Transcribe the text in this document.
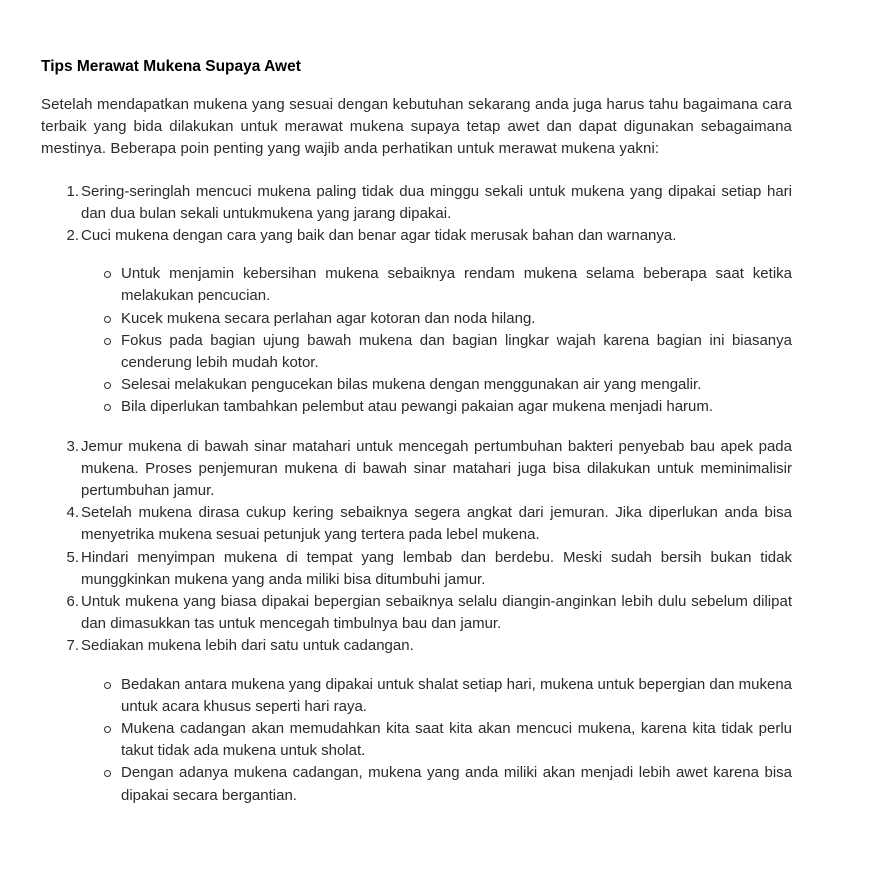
Tips Merawat Mukena Supaya Awet

Setelah mendapatkan mukena yang sesuai dengan kebutuhan sekarang anda juga harus tahu bagaimana cara terbaik yang bida dilakukan untuk merawat mukena supaya tetap awet dan dapat digunakan sebagaimana mestinya. Beberapa poin penting yang wajib anda perhatikan untuk merawat mukena yakni:

1. Sering-seringlah mencuci mukena paling tidak dua minggu sekali untuk mukena yang dipakai setiap hari dan dua bulan sekali untukmukena yang jarang dipakai.
2. Cuci mukena dengan cara yang baik dan benar agar tidak merusak bahan dan warnanya.
Untuk menjamin kebersihan mukena sebaiknya rendam mukena selama beberapa saat ketika melakukan pencucian.
Kucek mukena secara perlahan agar kotoran dan noda hilang.
Fokus pada bagian ujung bawah mukena dan bagian lingkar wajah karena bagian ini biasanya cenderung lebih mudah kotor.
Selesai melakukan pengucekan bilas mukena dengan menggunakan air yang mengalir.
Bila diperlukan tambahkan pelembut atau pewangi pakaian agar mukena menjadi harum.
3. Jemur mukena di bawah sinar matahari untuk mencegah pertumbuhan bakteri penyebab bau apek pada mukena. Proses penjemuran mukena di bawah sinar matahari juga bisa dilakukan untuk meminimalisir pertumbuhan jamur.
4. Setelah mukena dirasa cukup kering sebaiknya segera angkat dari jemuran. Jika diperlukan anda bisa menyetrika mukena sesuai petunjuk yang tertera pada lebel mukena.
5. Hindari menyimpan mukena di tempat yang lembab dan berdebu. Meski sudah bersih bukan tidak munggkinkan mukena yang anda miliki bisa ditumbuhi jamur.
6. Untuk mukena yang biasa dipakai bepergian sebaiknya selalu diangin-anginkan lebih dulu sebelum dilipat dan dimasukkan tas untuk mencegah timbulnya bau dan jamur.
7. Sediakan mukena lebih dari satu untuk cadangan.
Bedakan antara mukena yang dipakai untuk shalat setiap hari, mukena untuk bepergian dan mukena untuk acara khusus seperti hari raya.
Mukena cadangan akan memudahkan kita saat kita akan mencuci mukena, karena kita tidak perlu takut tidak ada mukena untuk sholat.
Dengan adanya mukena cadangan, mukena yang anda miliki akan menjadi lebih awet karena bisa dipakai secara bergantian.
